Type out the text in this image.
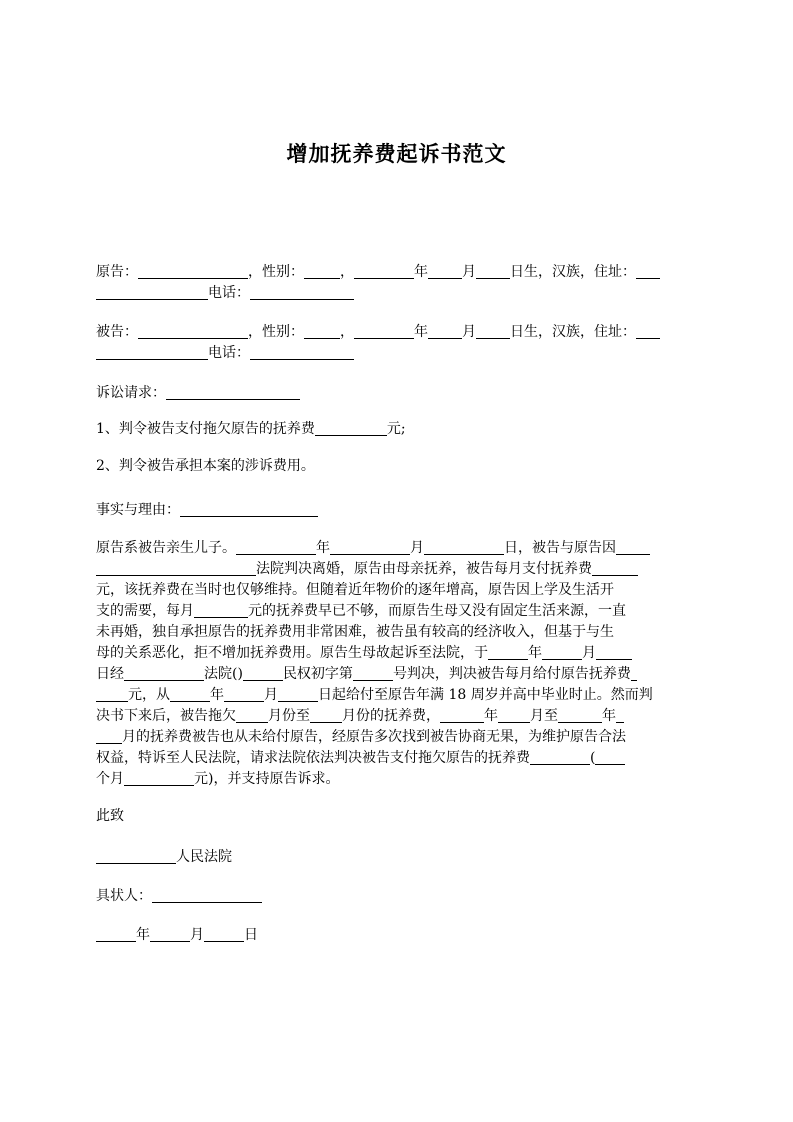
增加抚养费起诉书范文
原告：	，性别：	，	年 月 日生，汉族，住址：
电话：
被告：	，性别：	，	年 月 日生，汉族，住址：
电话：
诉讼请求：
1、判令被告支付拖欠原告的抚养费	元;
2、判令被告承担本案的涉诉费用。
事实与理由：
原告系被告亲生儿子。	年	月	日，被告与原告因
法院判决离婚，原告由母亲抚养，被告每月支付抚养费
元，该抚养费在当时也仅够维持。但随着近年物价的逐年增高，原告因上学及生活开
支的需要，每月	元的抚养费早已不够，而原告生母又没有固定生活来源，一直
未再婚，独自承担原告的抚养费用非常困难，被告虽有较高的经济收入，但基于与生
母的关系恶化，拒不增加抚养费用。原告生母故起诉至法院，于	年	月
日经	法院()	民权初字第	号判决，判决被告每月给付原告抚养费
元，从	年	月	日起给付至原告年满 18 周岁并高中毕业时止。然而判
决书下来后，被告拖欠 月份至 月份的抚养费，	年 月至	年
月的抚养费被告也从未给付原告，经原告多次找到被告协商无果，为维护原告合法
权益，特诉至人民法院，请求法院依法判决被告支付拖欠原告的抚养费	(
个月	元)，并支持原告诉求。
此致
人民法院
具状人：
年	月	日
